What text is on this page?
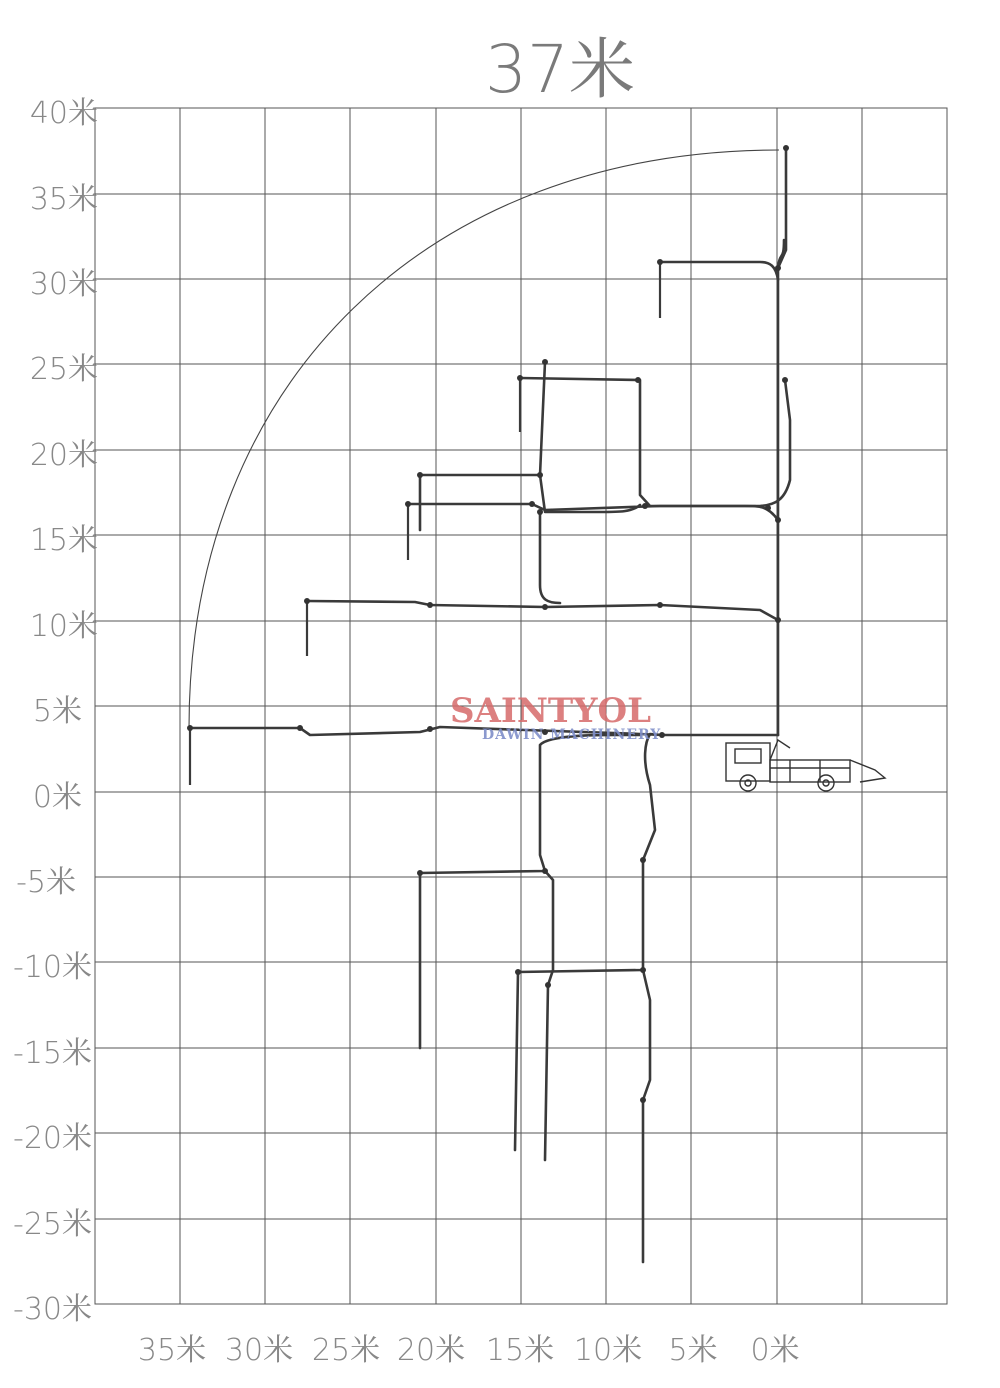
37米
40米
35米
30米
25米
20米
15米
10米
5米
0米
-5米
-10米
-15米
-20米
-25米
-30米
35米 30米 25米 20米 15米 10米 5米 0米
SAINTYOL
DAWIN MACHINERY
